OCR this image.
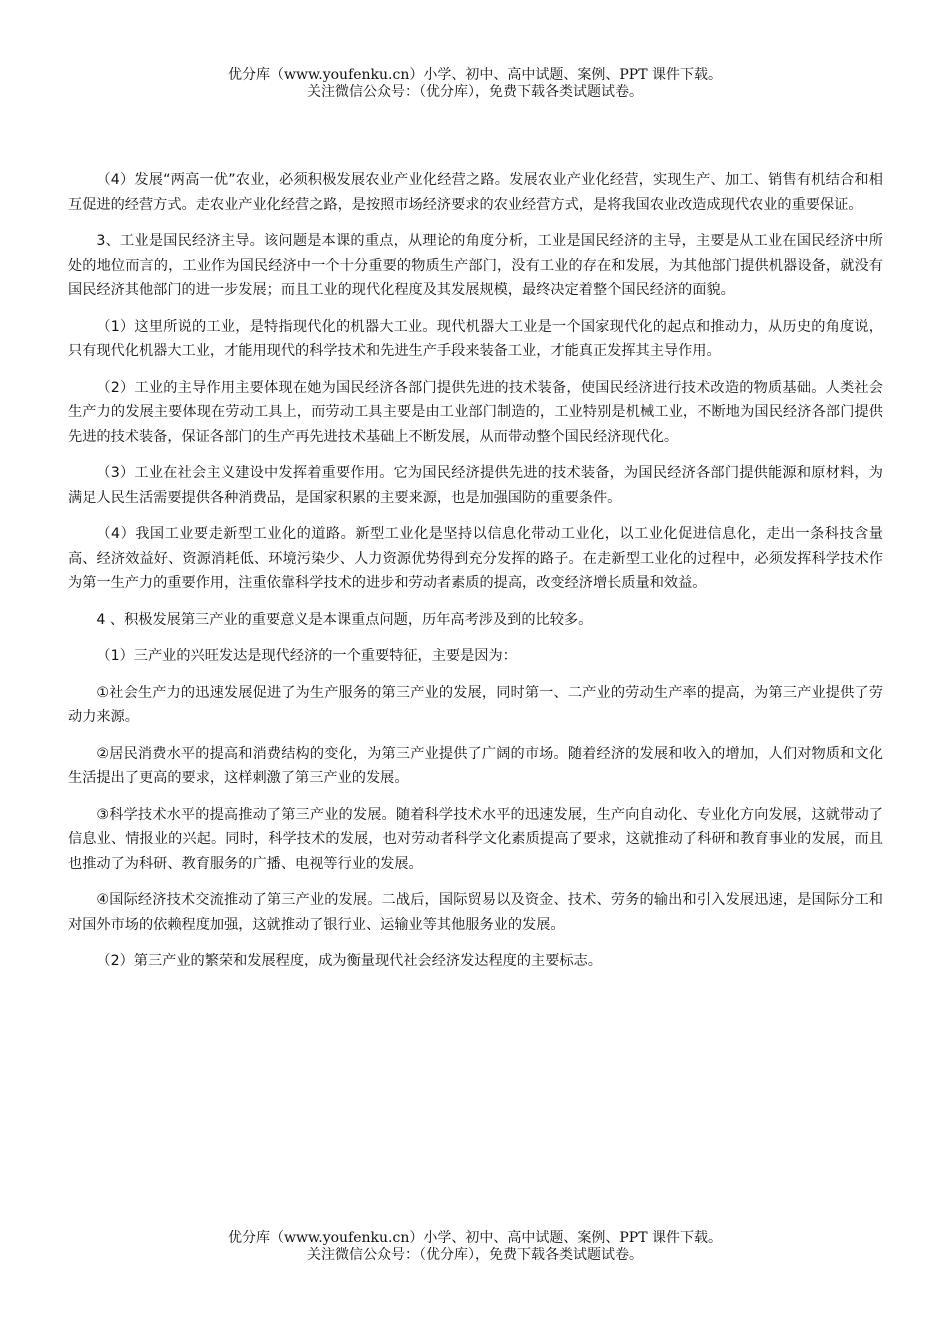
优分库（www.youfenku.cn）小学、初中、高中试题、案例、PPT 课件下载。
关注微信公众号：（优分库），免费下载各类试题试卷。

（4）发展“两高一优”农业，必须积极发展农业产业化经营之路。发展农业产业化经营，实现生产、加工、销售有机结合和相互促进的经营方式。走农业产业化经营之路，是按照市场经济要求的农业经营方式，是将我国农业改造成现代农业的重要保证。

3、工业是国民经济主导。该问题是本课的重点，从理论的角度分析，工业是国民经济的主导，主要是从工业在国民经济中所处的地位而言的，工业作为国民经济中一个十分重要的物质生产部门，没有工业的存在和发展，为其他部门提供机器设备，就没有国民经济其他部门的进一步发展；而且工业的现代化程度及其发展规模，最终决定着整个国民经济的面貌。

（1）这里所说的工业，是特指现代化的机器大工业。现代机器大工业是一个国家现代化的起点和推动力，从历史的角度说，只有现代化机器大工业，才能用现代的科学技术和先进生产手段来装备工业，才能真正发挥其主导作用。

（2）工业的主导作用主要体现在她为国民经济各部门提供先进的技术装备，使国民经济进行技术改造的物质基础。人类社会生产力的发展主要体现在劳动工具上，而劳动工具主要是由工业部门制造的，工业特别是机械工业，不断地为国民经济各部门提供先进的技术装备，保证各部门的生产再先进技术基础上不断发展，从而带动整个国民经济现代化。

（3）工业在社会主义建设中发挥着重要作用。它为国民经济提供先进的技术装备，为国民经济各部门提供能源和原材料，为满足人民生活需要提供各种消费品，是国家积累的主要来源，也是加强国防的重要条件。

（4）我国工业要走新型工业化的道路。新型工业化是坚持以信息化带动工业化，以工业化促进信息化，走出一条科技含量高、经济效益好、资源消耗低、环境污染少、人力资源优势得到充分发挥的路子。在走新型工业化的过程中，必须发挥科学技术作为第一生产力的重要作用，注重依靠科学技术的进步和劳动者素质的提高，改变经济增长质量和效益。

4 、积极发展第三产业的重要意义是本课重点问题，历年高考涉及到的比较多。

（1）三产业的兴旺发达是现代经济的一个重要特征，主要是因为：

①社会生产力的迅速发展促进了为生产服务的第三产业的发展，同时第一、二产业的劳动生产率的提高，为第三产业提供了劳动力来源。

②居民消费水平的提高和消费结构的变化，为第三产业提供了广阔的市场。随着经济的发展和收入的增加，人们对物质和文化生活提出了更高的要求，这样刺激了第三产业的发展。

③科学技术水平的提高推动了第三产业的发展。随着科学技术水平的迅速发展，生产向自动化、专业化方向发展，这就带动了信息业、情报业的兴起。同时，科学技术的发展，也对劳动者科学文化素质提高了要求，这就推动了科研和教育事业的发展，而且也推动了为科研、教育服务的广播、电视等行业的发展。

④国际经济技术交流推动了第三产业的发展。二战后，国际贸易以及资金、技术、劳务的输出和引入发展迅速，是国际分工和对国外市场的依赖程度加强，这就推动了银行业、运输业等其他服务业的发展。

（2）第三产业的繁荣和发展程度，成为衡量现代社会经济发达程度的主要标志。

优分库（www.youfenku.cn）小学、初中、高中试题、案例、PPT 课件下载。
关注微信公众号：（优分库），免费下载各类试题试卷。
